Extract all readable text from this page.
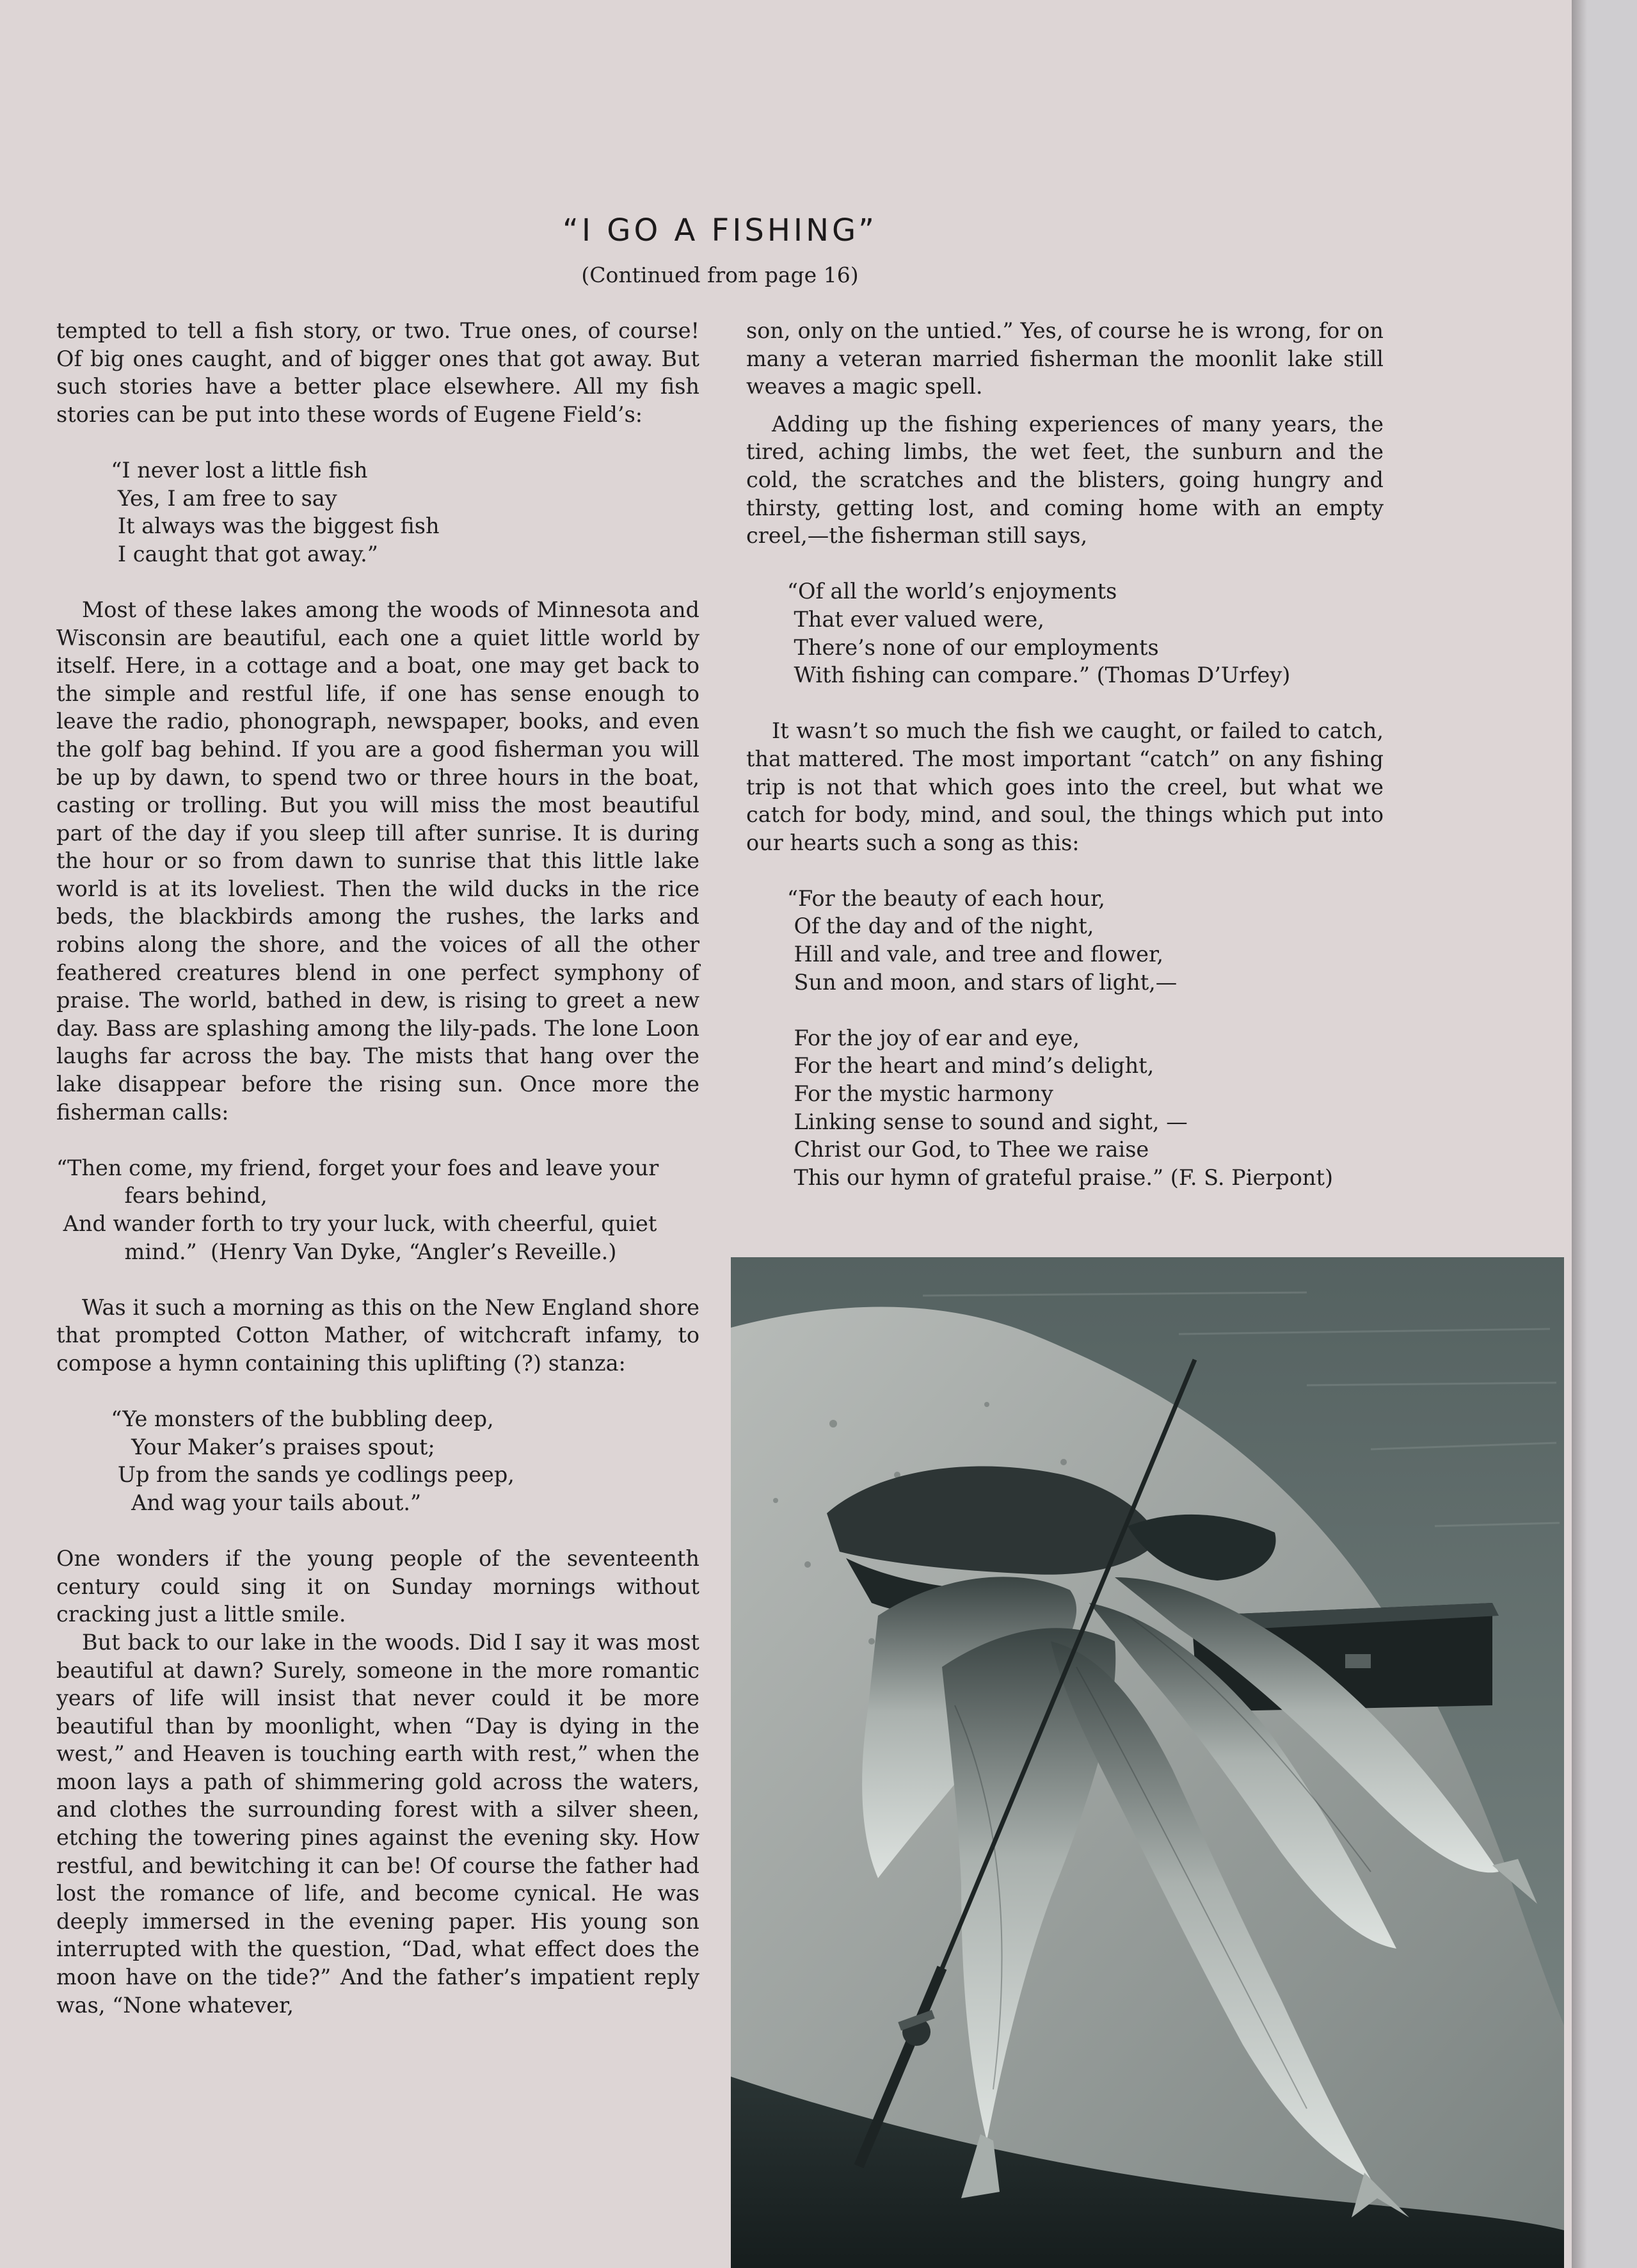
“I GO A FISHING”
(Continued from page 16)

tempted to tell a fish story, or two. True ones, of course! Of big ones caught, and of bigger ones that got away. But such stories have a better place elsewhere. All my fish stories can be put into these words of Eugene Field’s:

“I never lost a little fish
Yes, I am free to say
It always was the biggest fish
I caught that got away.”

Most of these lakes among the woods of Minnesota and Wisconsin are beautiful, each one a quiet little world by itself. Here, in a cottage and a boat, one may get back to the simple and restful life, if one has sense enough to leave the radio, phonograph, newspaper, books, and even the golf bag behind. If you are a good fisherman you will be up by dawn, to spend two or three hours in the boat, casting or trolling. But you will miss the most beautiful part of the day if you sleep till after sunrise. It is during the hour or so from dawn to sunrise that this little lake world is at its loveliest. Then the wild ducks in the rice beds, the blackbirds among the rushes, the larks and robins along the shore, and the voices of all the other feathered creatures blend in one perfect symphony of praise. The world, bathed in dew, is rising to greet a new day. Bass are splashing among the lily-pads. The lone Loon laughs far across the bay. The mists that hang over the lake disappear before the rising sun. Once more the fisherman calls:

“Then come, my friend, forget your foes and leave your
fears behind,
And wander forth to try your luck, with cheerful, quiet
mind.”  (Henry Van Dyke, “Angler’s Reveille.)

Was it such a morning as this on the New England shore that prompted Cotton Mather, of witchcraft infamy, to compose a hymn containing this uplifting (?) stanza:

“Ye monsters of the bubbling deep,
Your Maker’s praises spout;
Up from the sands ye codlings peep,
And wag your tails about.”

One wonders if the young people of the seventeenth century could sing it on Sunday mornings without cracking just a little smile.

But back to our lake in the woods. Did I say it was most beautiful at dawn? Surely, someone in the more romantic years of life will insist that never could it be more beautiful than by moonlight, when “Day is dying in the west,” and Heaven is touching earth with rest,” when the moon lays a path of shimmering gold across the waters, and clothes the surrounding forest with a silver sheen, etching the towering pines against the evening sky. How restful, and bewitching it can be! Of course the father had lost the romance of life, and become cynical. He was deeply immersed in the evening paper. His young son interrupted with the question, “Dad, what effect does the moon have on the tide?” And the father’s impatient reply was, “None whatever,

son, only on the untied.” Yes, of course he is wrong, for on many a veteran married fisherman the moonlit lake still weaves a magic spell.

Adding up the fishing experiences of many years, the tired, aching limbs, the wet feet, the sunburn and the cold, the scratches and the blisters, going hungry and thirsty, getting lost, and coming home with an empty creel,—the fisherman still says,

“Of all the world’s enjoyments
That ever valued were,
There’s none of our employments
With fishing can compare.” (Thomas D’Urfey)

It wasn’t so much the fish we caught, or failed to catch, that mattered. The most important “catch” on any fishing trip is not that which goes into the creel, but what we catch for body, mind, and soul, the things which put into our hearts such a song as this:

“For the beauty of each hour,
Of the day and of the night,
Hill and vale, and tree and flower,
Sun and moon, and stars of light,—

For the joy of ear and eye,
For the heart and mind’s delight,
For the mystic harmony
Linking sense to sound and sight, —
Christ our God, to Thee we raise
This our hymn of grateful praise.” (F. S. Pierpont)
